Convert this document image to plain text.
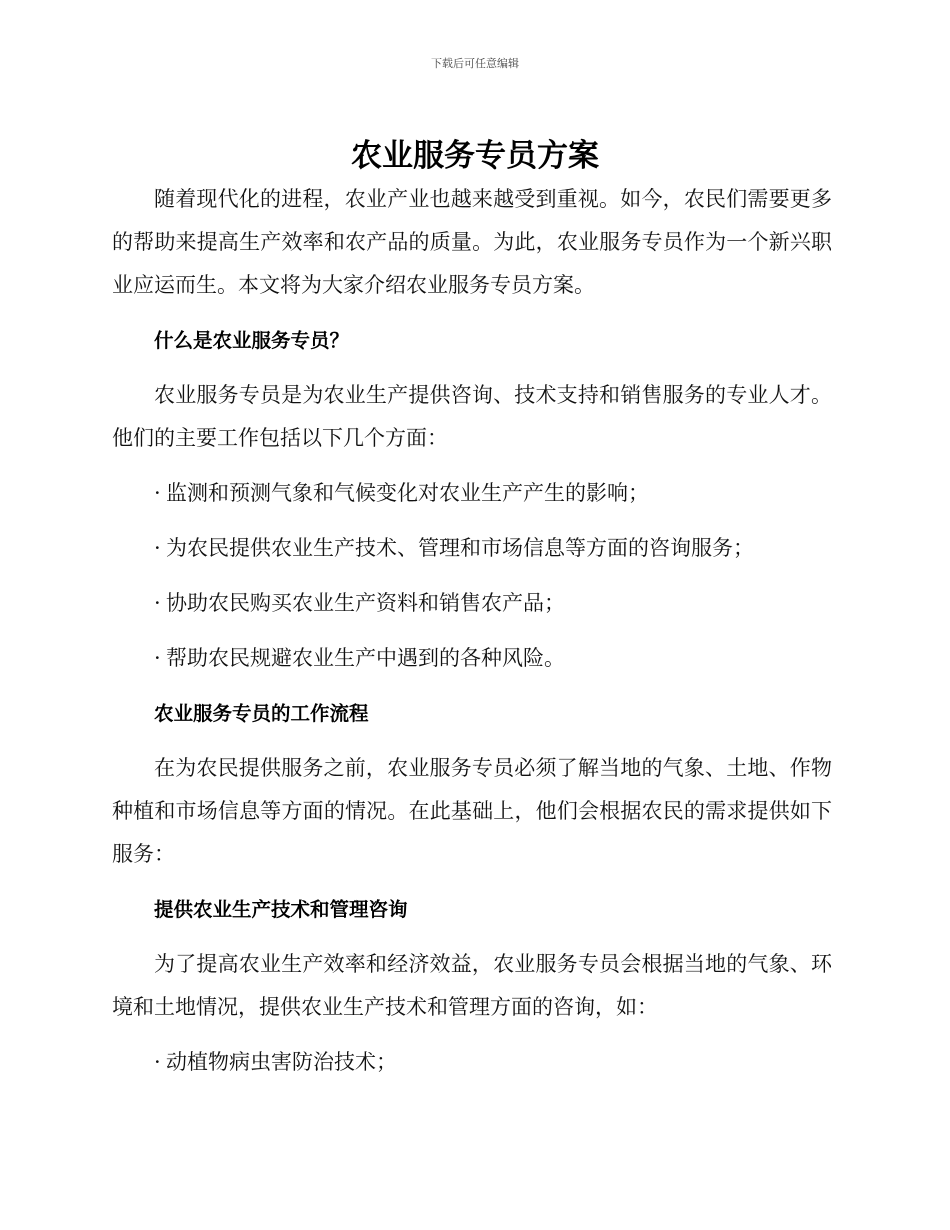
下载后可任意编辑
农业服务专员方案

随着现代化的进程，农业产业也越来越受到重视。如今，农民们需要更多的帮助来提高生产效率和农产品的质量。为此，农业服务专员作为一个新兴职业应运而生。本文将为大家介绍农业服务专员方案。

什么是农业服务专员？

农业服务专员是为农业生产提供咨询、技术支持和销售服务的专业人才。他们的主要工作包括以下几个方面：

· 监测和预测气象和气候变化对农业生产产生的影响；

· 为农民提供农业生产技术、管理和市场信息等方面的咨询服务；

· 协助农民购买农业生产资料和销售农产品；

· 帮助农民规避农业生产中遇到的各种风险。

农业服务专员的工作流程

在为农民提供服务之前，农业服务专员必须了解当地的气象、土地、作物种植和市场信息等方面的情况。在此基础上，他们会根据农民的需求提供如下服务：

提供农业生产技术和管理咨询

为了提高农业生产效率和经济效益，农业服务专员会根据当地的气象、环境和土地情况，提供农业生产技术和管理方面的咨询，如：

· 动植物病虫害防治技术；
